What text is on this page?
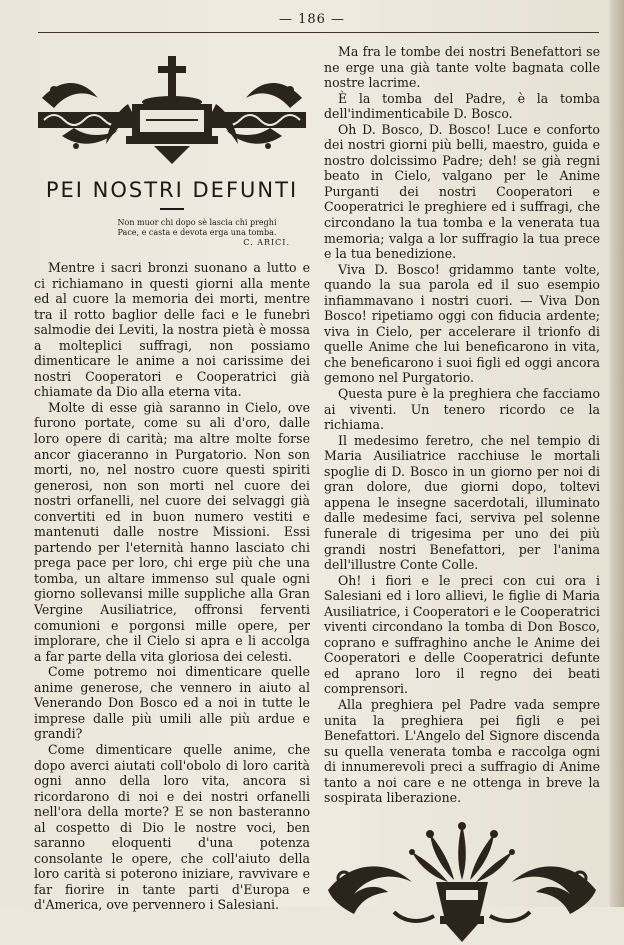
— 186 —
PEI NOSTRI DEFUNTI
Non muor chi dopo sè lascia chi preghi
Pace, e casta e devota erga una tomba.
C. ARICI.

Mentre i sacri bronzi suonano a lutto e ci richiamano in questi giorni alla mente ed al cuore la memoria dei morti, mentre tra il rotto baglior delle faci e le funebri salmodie dei Leviti, la nostra pietà è mossa a molteplici suffragi, non possiamo dimenticare le anime a noi carissime dei nostri Cooperatori e Cooperatrici già chiamate da Dio alla eterna vita.

Molte di esse già saranno in Cielo, ove furono portate, come su ali d'oro, dalle loro opere di carità; ma altre molte forse ancor giaceranno in Purgatorio. Non son morti, no, nel nostro cuore questi spiriti generosi, non son morti nel cuore dei nostri orfanelli, nel cuore dei selvaggi già convertiti ed in buon numero vestiti e mantenuti dalle nostre Missioni. Essi partendo per l'eternità hanno lasciato chi prega pace per loro, chi erge più che una tomba, un altare immenso sul quale ogni giorno sollevansi mille suppliche alla Gran Vergine Ausiliatrice, offronsi ferventi comunioni e porgonsi mille opere, per implorare, che il Cielo si apra e li accolga a far parte della vita gloriosa dei celesti.

Come potremo noi dimenticare quelle anime generose, che vennero in aiuto al Venerando Don Bosco ed a noi in tutte le imprese dalle più umili alle più ardue e grandi?

Come dimenticare quelle anime, che dopo averci aiutati coll'obolo di loro carità ogni anno della loro vita, ancora si ricordarono di noi e dei nostri orfanelli nell'ora della morte? E se non basteranno al cospetto di Dio le nostre voci, ben saranno eloquenti d'una potenza consolante le opere, che coll'aiuto della loro carità si poterono iniziare, ravvivare e far fiorire in tante parti d'Europa e d'America, ove pervennero i Salesiani.

Ma fra le tombe dei nostri Benefattori se ne erge una già tante volte bagnata colle nostre lacrime.

È la tomba del Padre, è la tomba dell'indimenticabile D. Bosco.

Oh D. Bosco, D. Bosco! Luce e conforto dei nostri giorni più belli, maestro, guida e nostro dolcissimo Padre; deh! se già regni beato in Cielo, valgano per le Anime Purganti dei nostri Cooperatori e Cooperatrici le preghiere ed i suffragi, che circondano la tua tomba e la venerata tua memoria; valga a lor suffragio la tua prece e la tua benedizione.

Viva D. Bosco! gridammo tante volte, quando la sua parola ed il suo esempio infiammavano i nostri cuori. — Viva Don Bosco! ripetiamo oggi con fiducia ardente; viva in Cielo, per accelerare il trionfo di quelle Anime che lui beneficarono in vita, che beneficarono i suoi figli ed oggi ancora gemono nel Purgatorio.

Questa pure è la preghiera che facciamo ai viventi. Un tenero ricordo ce la richiama.

Il medesimo feretro, che nel tempio di Maria Ausiliatrice racchiuse le mortali spoglie di D. Bosco in un giorno per noi di gran dolore, due giorni dopo, toltevi appena le insegne sacerdotali, illuminato dalle medesime faci, serviva pel solenne funerale di trigesima per uno dei più grandi nostri Benefattori, per l'anima dell'illustre Conte Colle.

Oh! i fiori e le preci con cui ora i Salesiani ed i loro allievi, le figlie di Maria Ausiliatrice, i Cooperatori e le Cooperatrici viventi circondano la tomba di Don Bosco, coprano e suffraghino anche le Anime dei Cooperatori e delle Cooperatrici defunte ed aprano loro il regno dei beati comprensori.

Alla preghiera pel Padre vada sempre unita la preghiera pei figli e pei Benefattori. L'Angelo del Signore discenda su quella venerata tomba e raccolga ogni di innumerevoli preci a suffragio di Anime tanto a noi care e ne ottenga in breve la sospirata liberazione.
